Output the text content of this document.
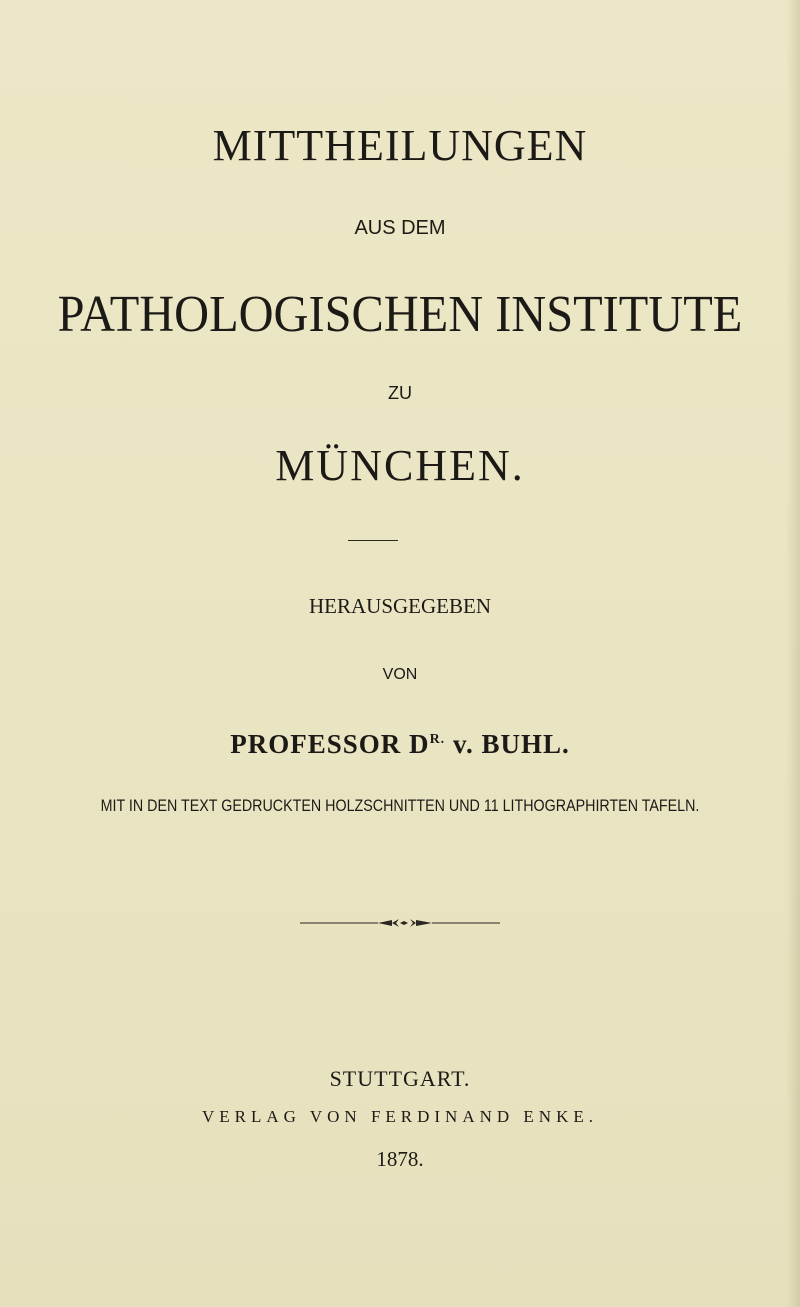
MITTHEILUNGEN
AUS DEM
PATHOLOGISCHEN INSTITUTE
ZU
MÜNCHEN.
HERAUSGEGEBEN
VON
PROFESSOR $D^{R.}$ v. BUHL.
MIT IN DEN TEXT GEDRUCKTEN HOLZSCHNITTEN UND 11 LITHOGRAPHIRTEN TAFELN.
STUTTGART.
VERLAG VON FERDINAND ENKE.
1878.
